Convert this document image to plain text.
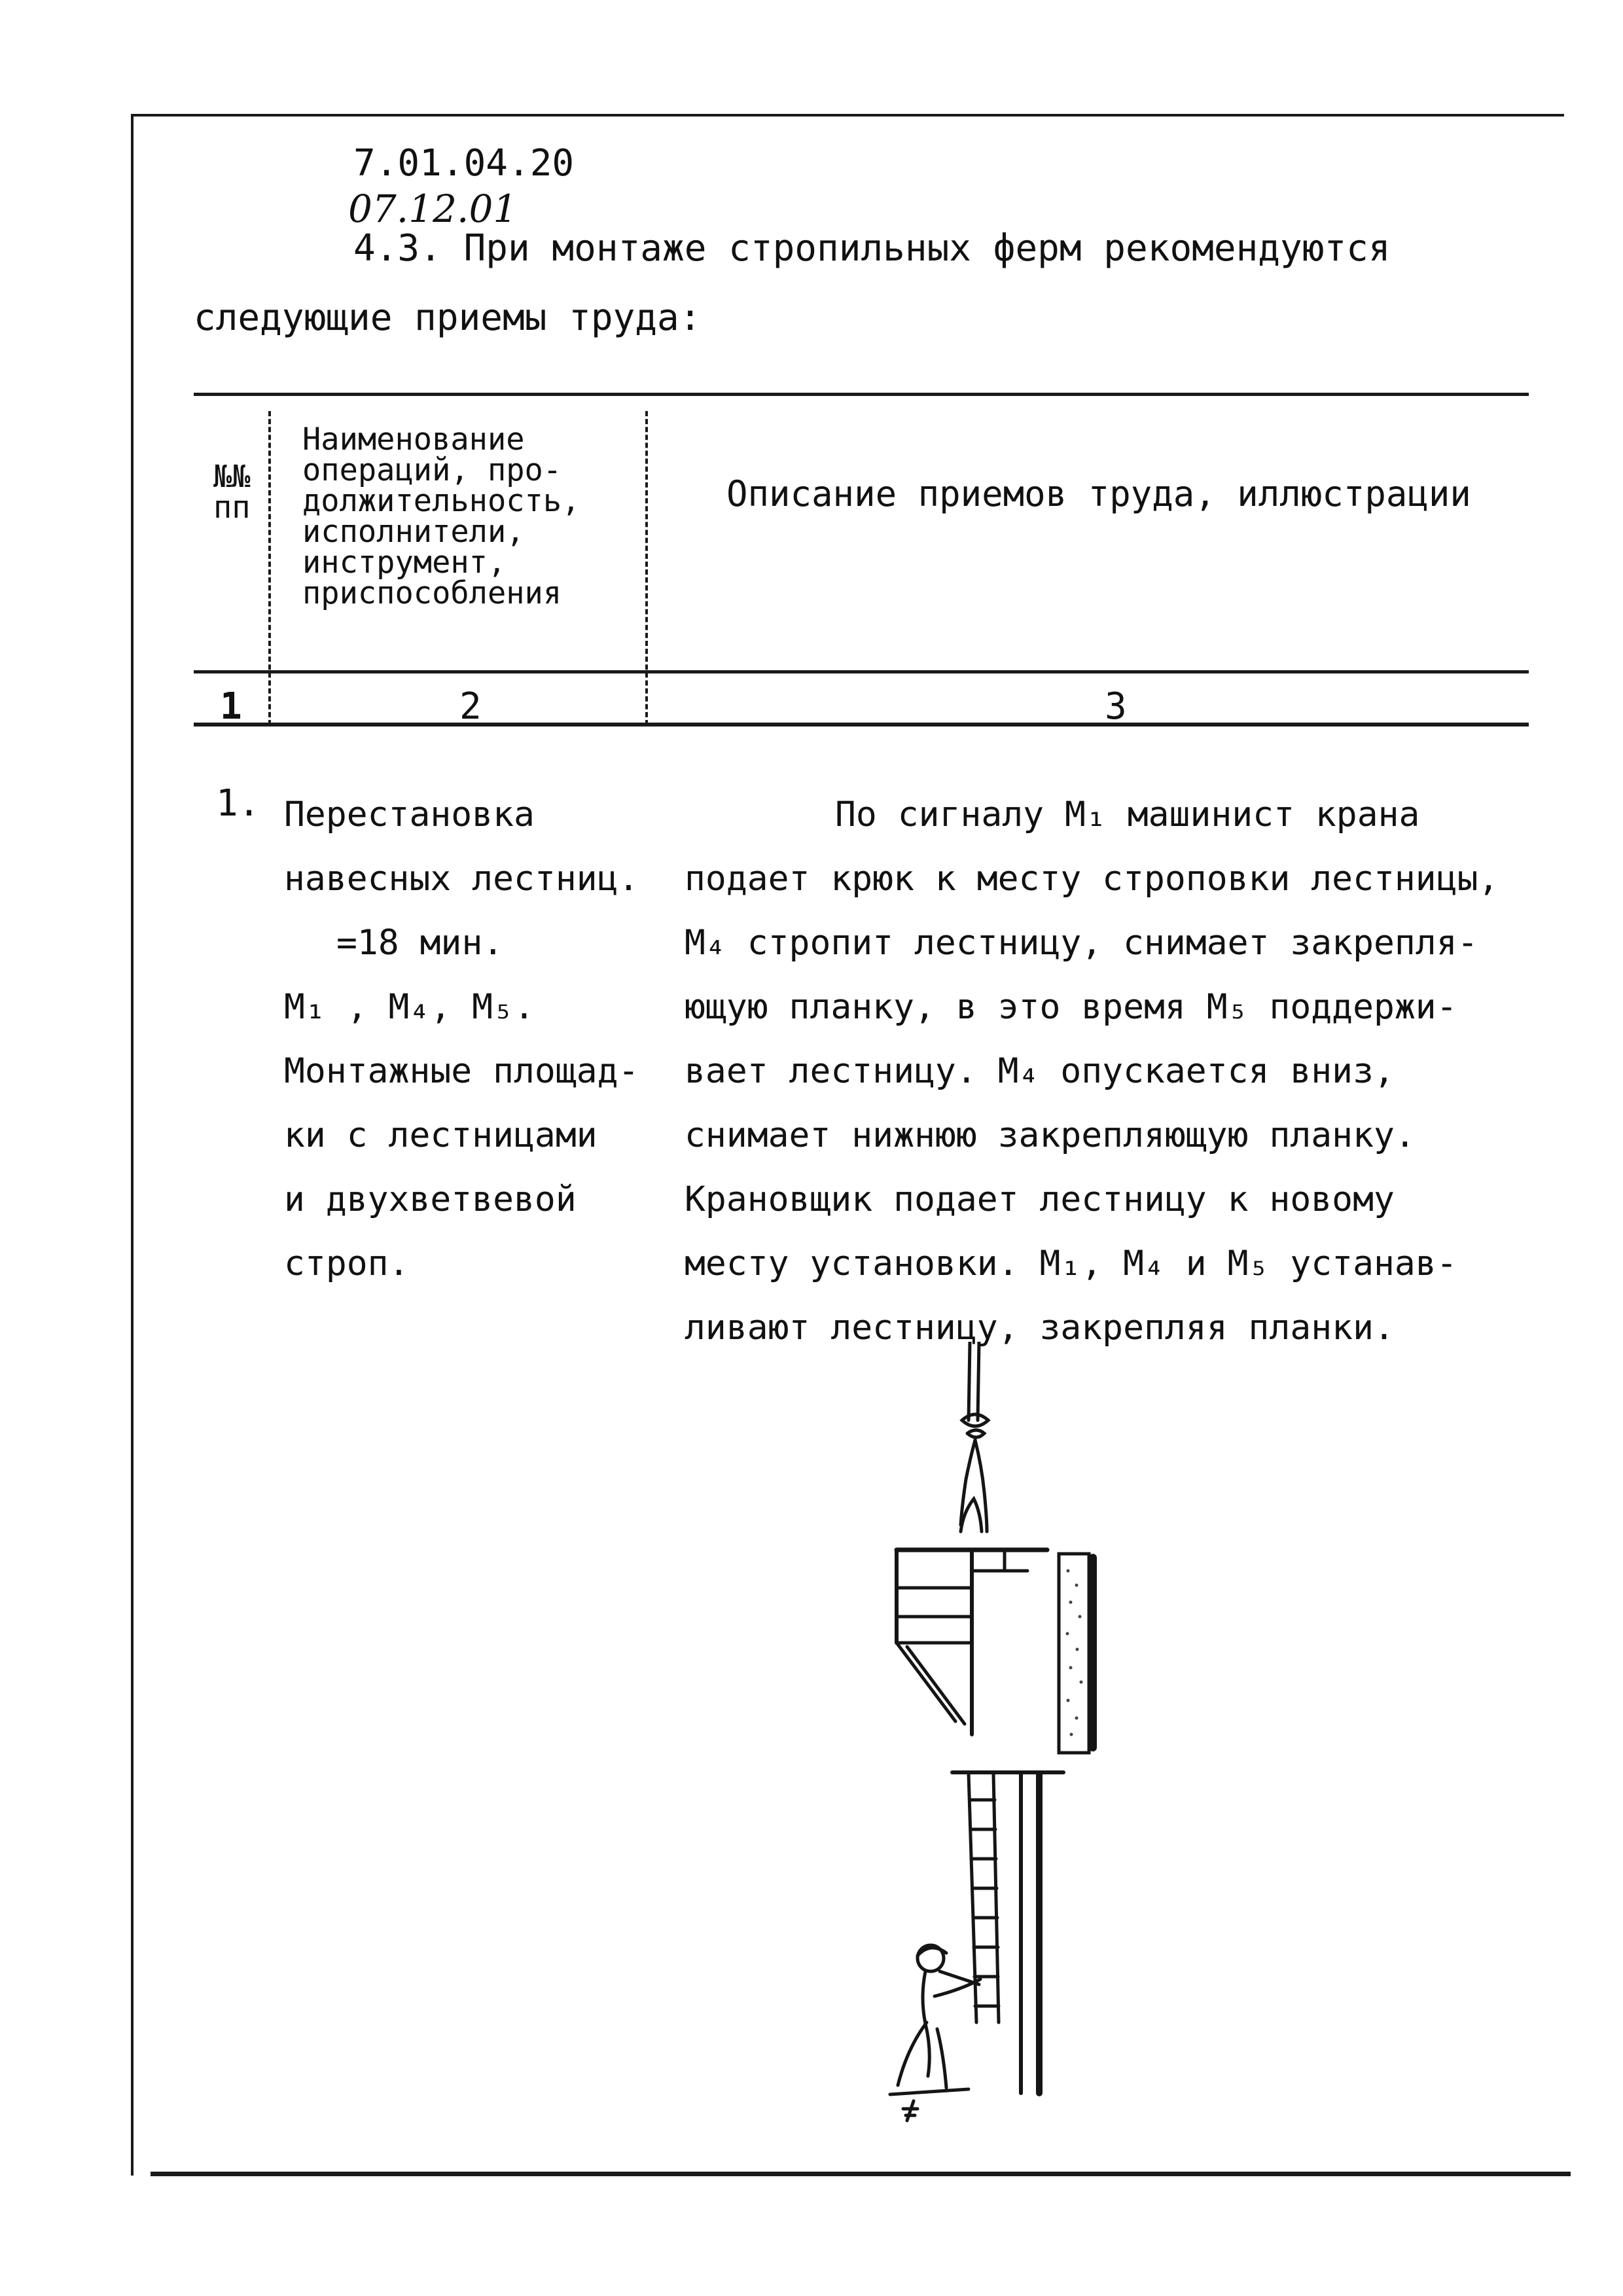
7.01.04.20
07.12.01
4.3. При монтаже стропильных ферм рекомендуются
следующие приемы труда:
№№
пп
Наименование
операций, про-
должительность,
исполнители,
инструмент,
приспособления
Описание приемов труда, иллюстрации
1	2	3
1. Перестановка
навесных лестниц.
=18 мин.
М₁ , М₄, М₅.
Монтажные площад-
ки с лестницами
и двухветвевой
строп.
По сигналу М₁ машинист крана
подает крюк к месту строповки лестницы,
М₄ стропит лестницу, снимает закрепля-
ющую планку, в это время М₅ поддержи-
вает лестницу. М₄ опускается вниз,
снимает нижнюю закрепляющую планку.
Крановщик подает лестницу к новому
месту установки. М₁, М₄ и М₅ устанав-
ливают лестницу, закрепляя планки.
